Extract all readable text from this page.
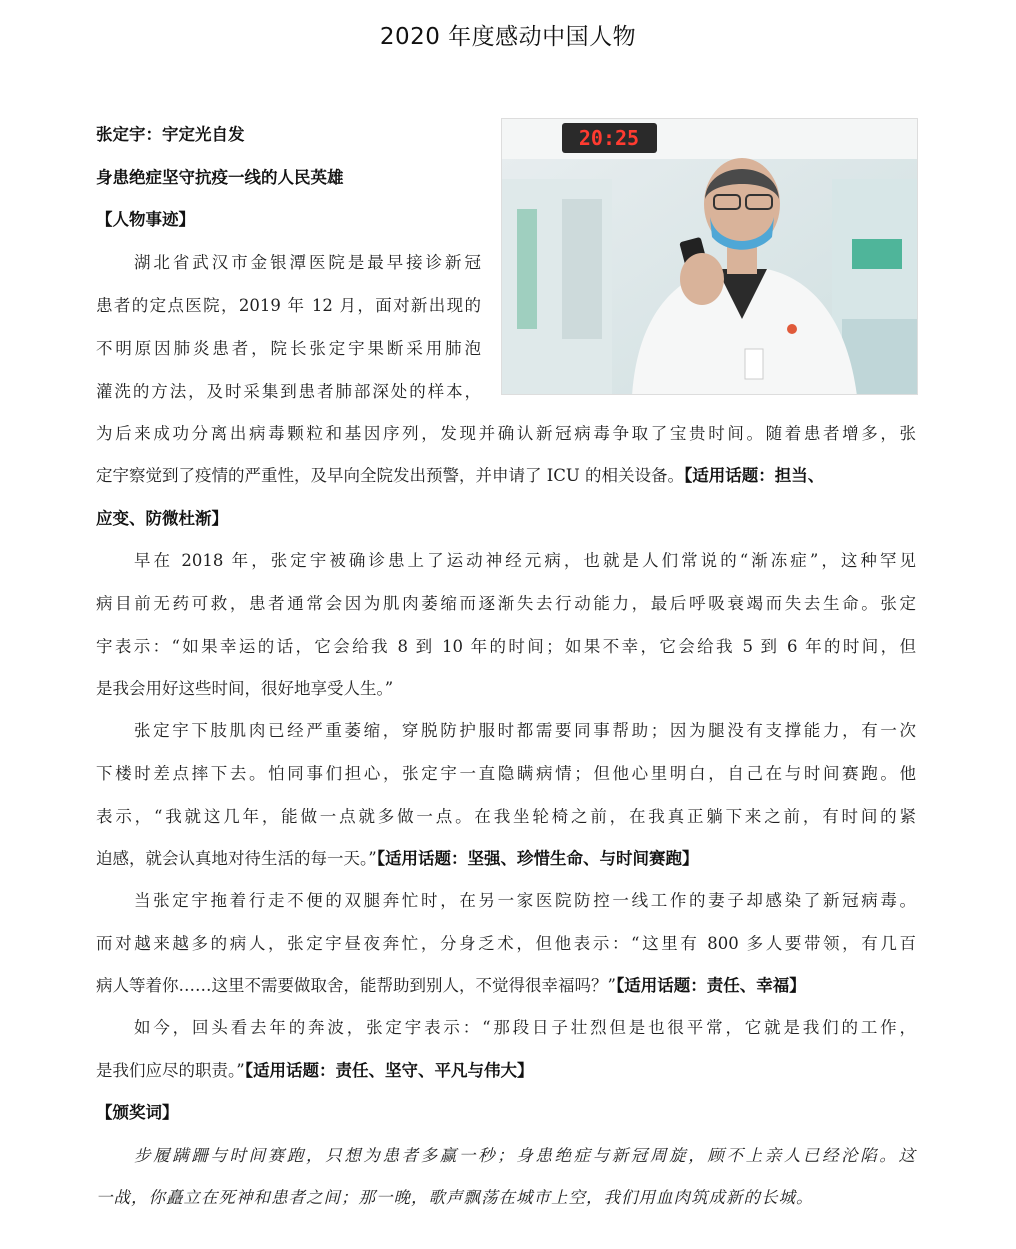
2020 年度感动中国人物
张定宇：宇定光自发
身患绝症坚守抗疫一线的人民英雄
【人物事迹】
20:25
湖北省武汉市金银潭医院是最早接诊新冠
患者的定点医院，2019 年 12 月，面对新出现的
不明原因肺炎患者，院长张定宇果断采用肺泡
灌洗的方法，及时采集到患者肺部深处的样本，
为后来成功分离出病毒颗粒和基因序列，发现并确认新冠病毒争取了宝贵时间。随着患者增多，张
定宇察觉到了疫情的严重性，及早向全院发出预警，并申请了 ICU 的相关设备。【适用话题：担当、
应变、防微杜渐】
早在 2018 年，张定宇被确诊患上了运动神经元病，也就是人们常说的“渐冻症”，这种罕见
病目前无药可救，患者通常会因为肌肉萎缩而逐渐失去行动能力，最后呼吸衰竭而失去生命。张定
宇表示：“如果幸运的话，它会给我 8 到 10 年的时间；如果不幸，它会给我 5 到 6 年的时间，但
是我会用好这些时间，很好地享受人生。”
张定宇下肢肌肉已经严重萎缩，穿脱防护服时都需要同事帮助；因为腿没有支撑能力，有一次
下楼时差点摔下去。怕同事们担心，张定宇一直隐瞒病情；但他心里明白，自己在与时间赛跑。他
表示，“我就这几年，能做一点就多做一点。在我坐轮椅之前，在我真正躺下来之前，有时间的紧
迫感，就会认真地对待生活的每一天。”【适用话题：坚强、珍惜生命、与时间赛跑】
当张定宇拖着行走不便的双腿奔忙时，在另一家医院防控一线工作的妻子却感染了新冠病毒。
而对越来越多的病人，张定宇昼夜奔忙，分身乏术，但他表示：“这里有 800 多人要带领，有几百
病人等着你……这里不需要做取舍，能帮助到别人，不觉得很幸福吗？”【适用话题：责任、幸福】
如今，回头看去年的奔波，张定宇表示：“那段日子壮烈但是也很平常，它就是我们的工作，
是我们应尽的职责。”【适用话题：责任、坚守、平凡与伟大】
【颁奖词】
步履蹒跚与时间赛跑，只想为患者多赢一秒；身患绝症与新冠周旋，顾不上亲人已经沦陷。这
一战，你矗立在死神和患者之间；那一晚，歌声飘荡在城市上空，我们用血肉筑成新的长城。
